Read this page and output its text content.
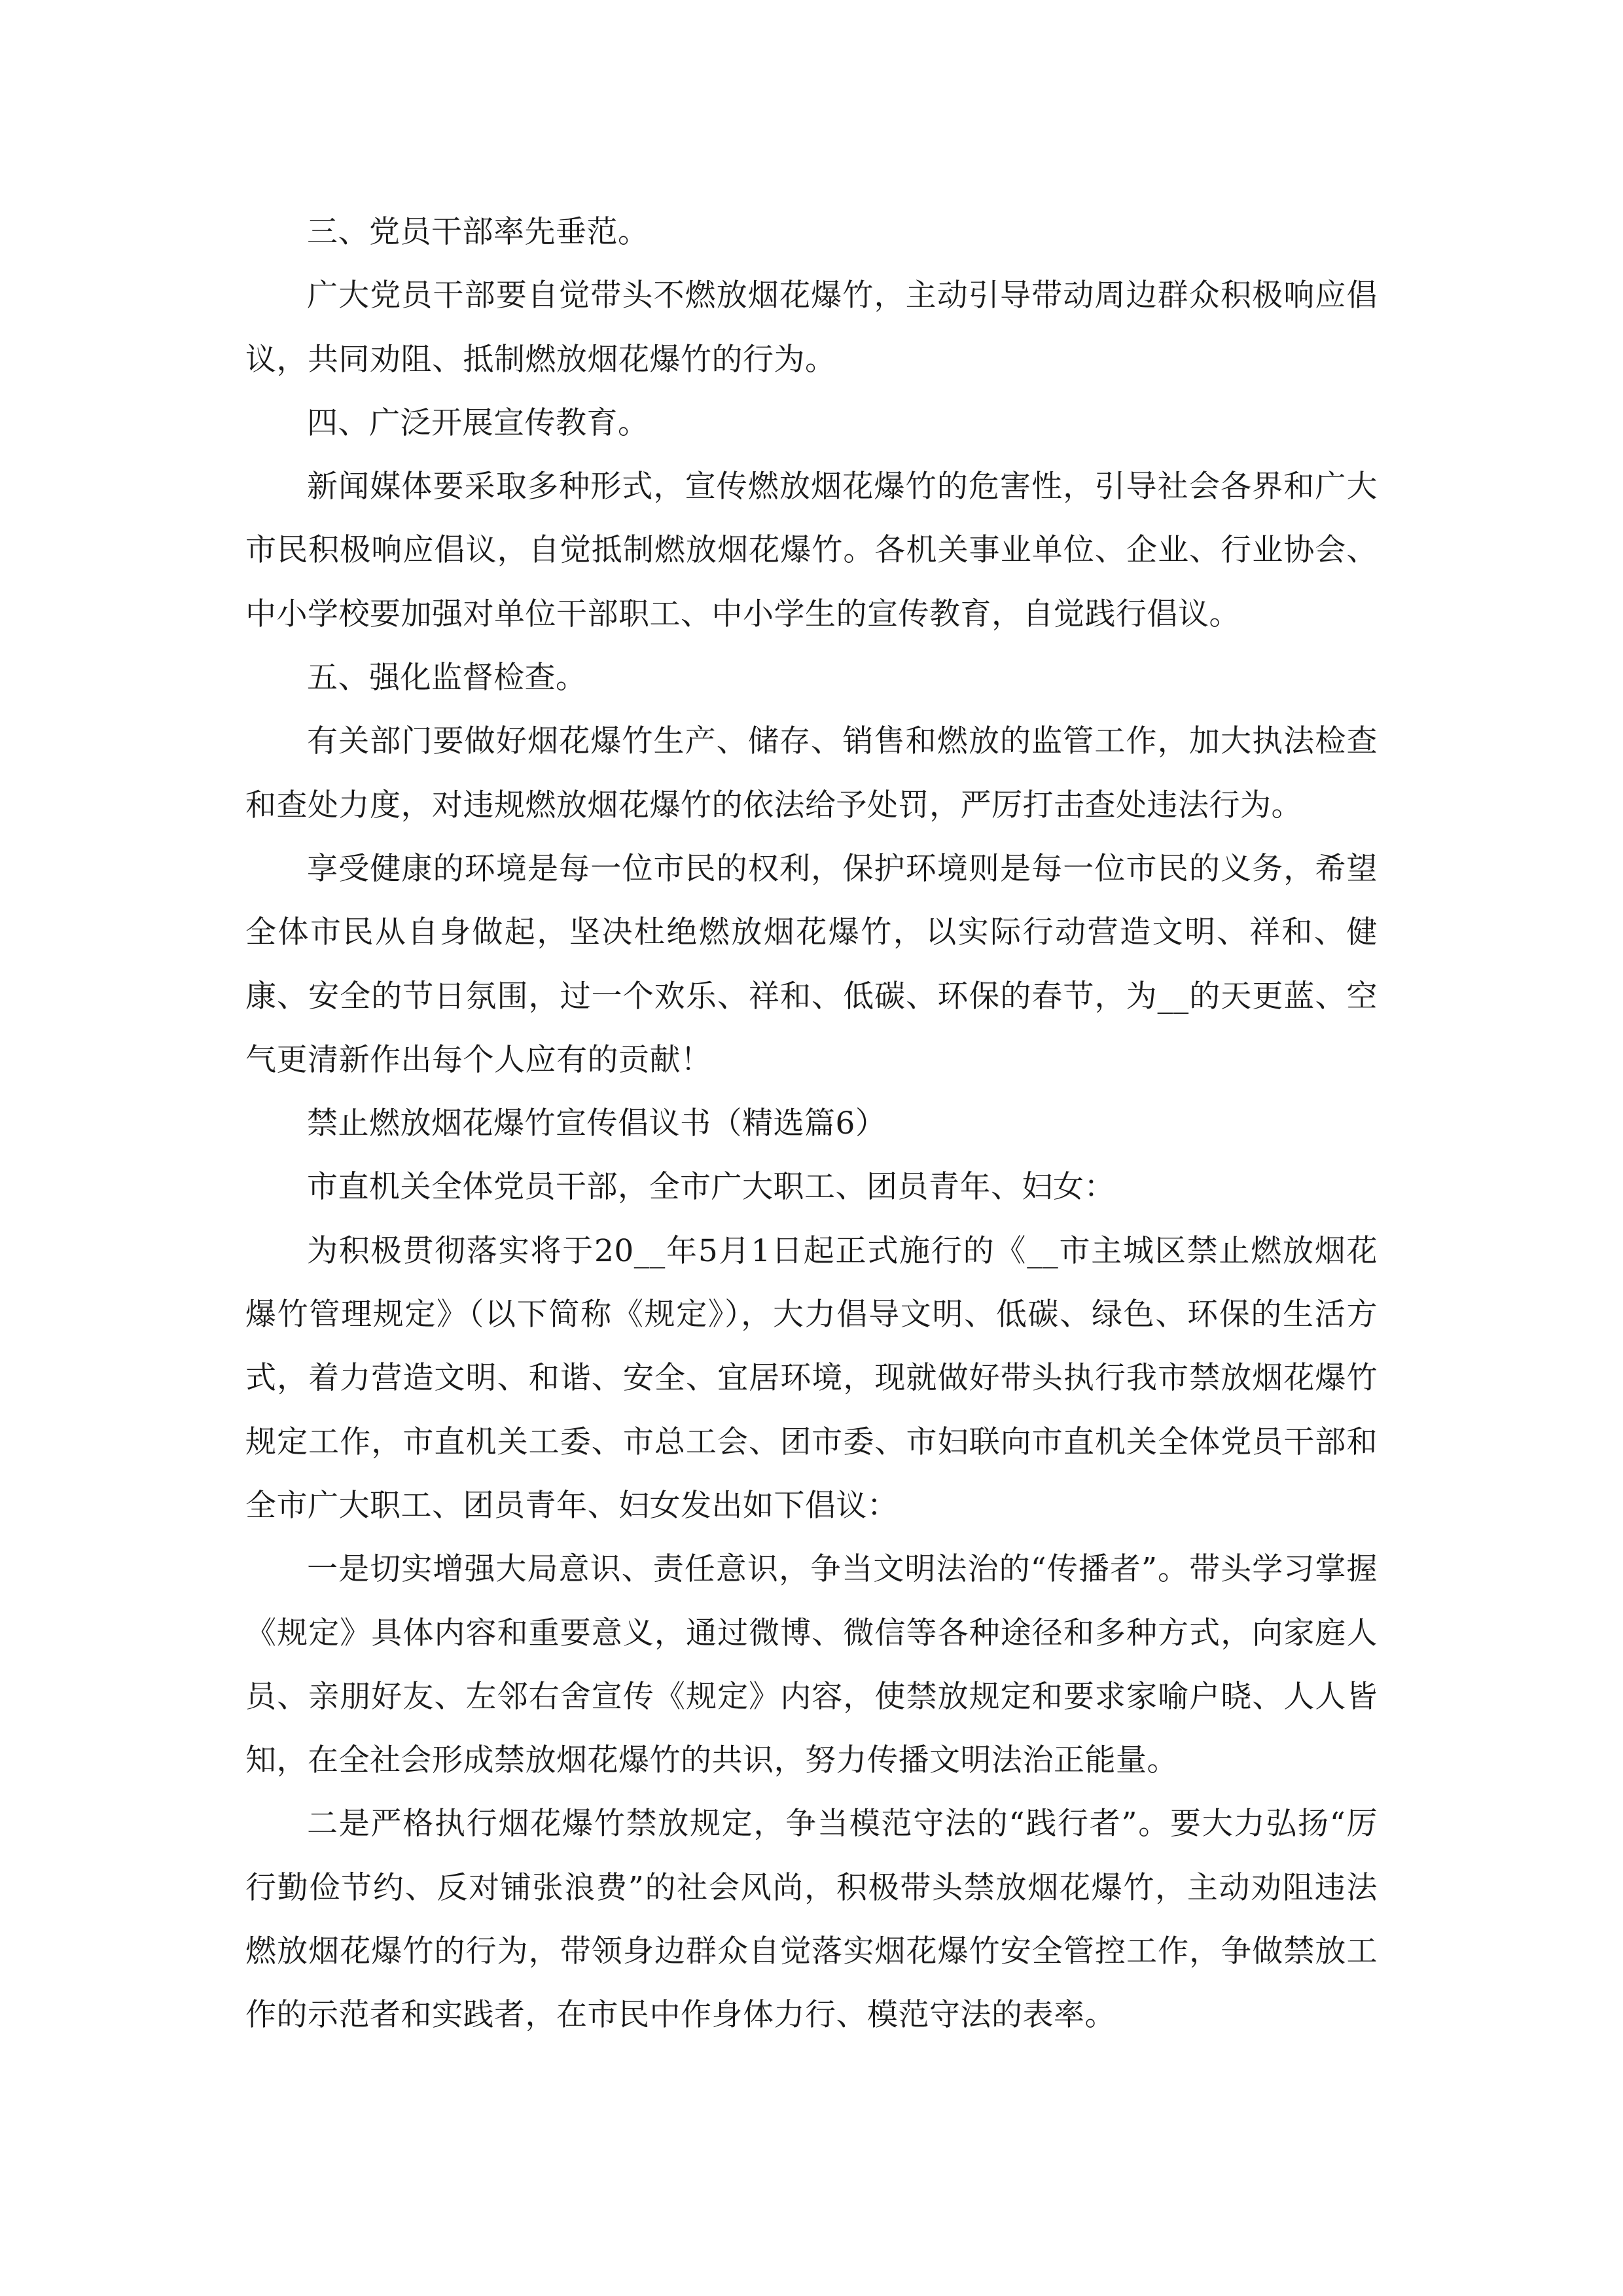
三、党员干部率先垂范。

广大党员干部要自觉带头不燃放烟花爆竹，主动引导带动周边群众积极响应倡议，共同劝阻、抵制燃放烟花爆竹的行为。

四、广泛开展宣传教育。

新闻媒体要采取多种形式，宣传燃放烟花爆竹的危害性，引导社会各界和广大市民积极响应倡议，自觉抵制燃放烟花爆竹。各机关事业单位、企业、行业协会、中小学校要加强对单位干部职工、中小学生的宣传教育，自觉践行倡议。

五、强化监督检查。

有关部门要做好烟花爆竹生产、储存、销售和燃放的监管工作，加大执法检查和查处力度，对违规燃放烟花爆竹的依法给予处罚，严厉打击查处违法行为。

享受健康的环境是每一位市民的权利，保护环境则是每一位市民的义务，希望全体市民从自身做起，坚决杜绝燃放烟花爆竹，以实际行动营造文明、祥和、健康、安全的节日氛围，过一个欢乐、祥和、低碳、环保的春节，为__的天更蓝、空气更清新作出每个人应有的贡献！

禁止燃放烟花爆竹宣传倡议书（精选篇6）

市直机关全体党员干部，全市广大职工、团员青年、妇女：

为积极贯彻落实将于20__年5月1日起正式施行的《__市主城区禁止燃放烟花爆竹管理规定》（以下简称《规定》），大力倡导文明、低碳、绿色、环保的生活方式，着力营造文明、和谐、安全、宜居环境，现就做好带头执行我市禁放烟花爆竹规定工作，市直机关工委、市总工会、团市委、市妇联向市直机关全体党员干部和全市广大职工、团员青年、妇女发出如下倡议：

一是切实增强大局意识、责任意识，争当文明法治的“传播者”。带头学习掌握《规定》具体内容和重要意义，通过微博、微信等各种途径和多种方式，向家庭人员、亲朋好友、左邻右舍宣传《规定》内容，使禁放规定和要求家喻户晓、人人皆知，在全社会形成禁放烟花爆竹的共识，努力传播文明法治正能量。

二是严格执行烟花爆竹禁放规定，争当模范守法的“践行者”。要大力弘扬“厉行勤俭节约、反对铺张浪费”的社会风尚，积极带头禁放烟花爆竹，主动劝阻违法燃放烟花爆竹的行为，带领身边群众自觉落实烟花爆竹安全管控工作，争做禁放工作的示范者和实践者，在市民中作身体力行、模范守法的表率。
